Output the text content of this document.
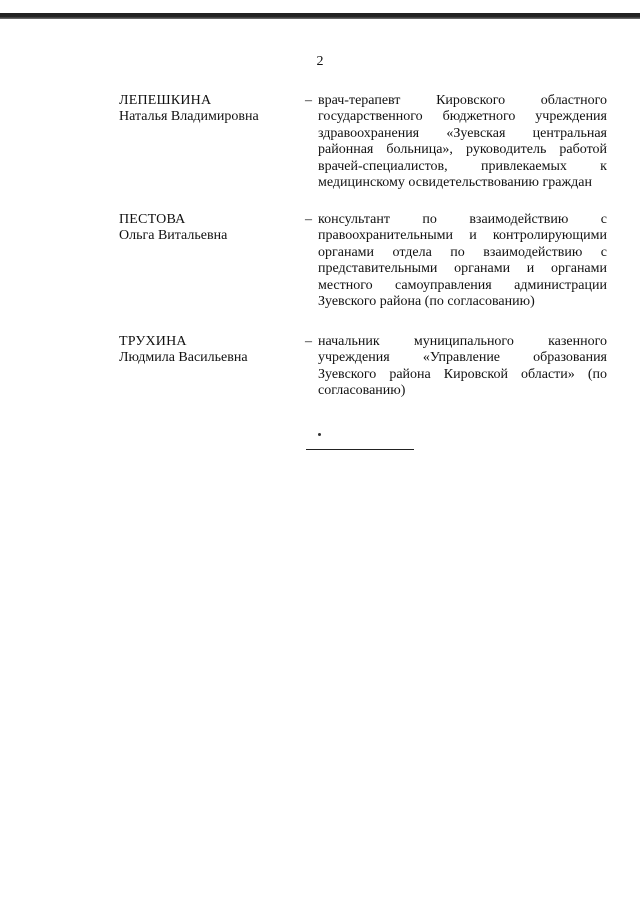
2
ЛЕПЕШКИНА
Наталья Владимировна
– врач-терапевт Кировского областного государственного бюджетного учреждения здравоохранения «Зуевская центральная районная больница», руководитель работой врачей-специалистов, привлекаемых к медицинскому освидетельствованию граждан
ПЕСТОВА
Ольга Витальевна
– консультант по взаимодействию с правоохранительными и контролирующими органами отдела по взаимодействию с представительными органами и органами местного самоуправления администрации Зуевского района (по согласованию)
ТРУХИНА
Людмила Васильевна
– начальник муниципального казенного учреждения «Управление образования Зуевского района Кировской области» (по согласованию)
